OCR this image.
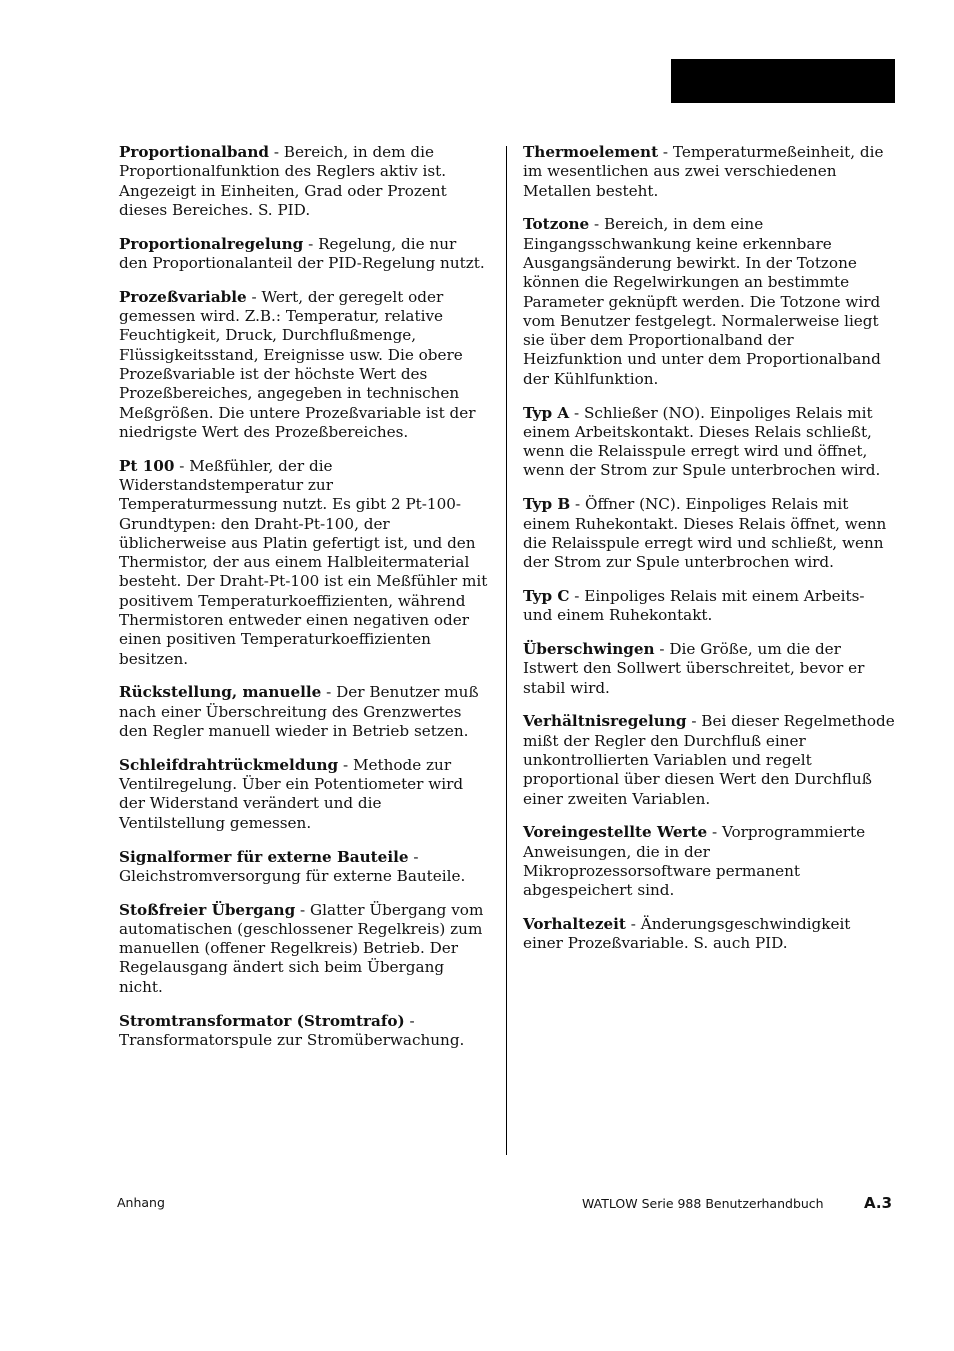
Proportionalband - Bereich, in dem die Proportionalfunktion des Reglers aktiv ist. Angezeigt in Einheiten, Grad oder Prozent dieses Bereiches. S. PID.

Proportionalregelung - Regelung, die nur den Proportionalanteil der PID-Regelung nutzt.

Prozeßvariable - Wert, der geregelt oder gemessen wird. Z.B.: Temperatur, relative Feuchtigkeit, Druck, Durchflußmenge, Flüssigkeitsstand, Ereignisse usw. Die obere Prozeßvariable ist der höchste Wert des Prozeßbereiches, angegeben in technischen Meßgrößen. Die untere Prozeßvariable ist der niedrigste Wert des Prozeßbereiches.

Pt 100 - Meßfühler, der die Widerstandstemperatur zur Temperaturmessung nutzt. Es gibt 2 Pt-100-Grundtypen: den Draht-Pt-100, der üblicherweise aus Platin gefertigt ist, und den Thermistor, der aus einem Halbleitermaterial besteht. Der Draht-Pt-100 ist ein Meßfühler mit positivem Temperaturkoeffizienten, während Thermistoren entweder einen negativen oder einen positiven Temperaturkoeffizienten besitzen.

Rückstellung, manuelle - Der Benutzer muß nach einer Überschreitung des Grenzwertes den Regler manuell wieder in Betrieb setzen.

Schleifdrahtrückmeldung - Methode zur Ventilregelung. Über ein Potentiometer wird der Widerstand verändert und die Ventilstellung gemessen.

Signalformer für externe Bauteile - Gleichstromversorgung für externe Bauteile.

Stoßfreier Übergang - Glatter Übergang vom automatischen (geschlossener Regelkreis) zum manuellen (offener Regelkreis) Betrieb. Der Regelausgang ändert sich beim Übergang nicht.

Stromtransformator (Stromtrafo) - Transformatorspule zur Stromüberwachung.

Thermoelement - Temperaturmeßeinheit, die im wesentlichen aus zwei verschiedenen Metallen besteht.

Totzone - Bereich, in dem eine Eingangsschwankung keine erkennbare Ausgangsänderung bewirkt. In der Totzone können die Regelwirkungen an bestimmte Parameter geknüpft werden. Die Totzone wird vom Benutzer festgelegt. Normalerweise liegt sie über dem Proportionalband der Heizfunktion und unter dem Proportionalband der Kühlfunktion.

Typ A - Schließer (NO). Einpoliges Relais mit einem Arbeitskontakt. Dieses Relais schließt, wenn die Relaisspule erregt wird und öffnet, wenn der Strom zur Spule unterbrochen wird.

Typ B - Öffner (NC). Einpoliges Relais mit einem Ruhekontakt. Dieses Relais öffnet, wenn die Relaisspule erregt wird und schließt, wenn der Strom zur Spule unterbrochen wird.

Typ C - Einpoliges Relais mit einem Arbeits- und einem Ruhekontakt.

Überschwingen - Die Größe, um die der Istwert den Sollwert überschreitet, bevor er stabil wird.

Verhältnisregelung - Bei dieser Regelmethode mißt der Regler den Durchfluß einer unkontrollierten Variablen und regelt proportional über diesen Wert den Durchfluß einer zweiten Variablen.

Voreingestellte Werte - Vorprogrammierte Anweisungen, die in der Mikroprozessorsoftware permanent abgespeichert sind.

Vorhaltezeit - Änderungsgeschwindigkeit einer Prozeßvariable. S. auch PID.

Anhang	WATLOW Serie 988 Benutzerhandbuch	A.3
